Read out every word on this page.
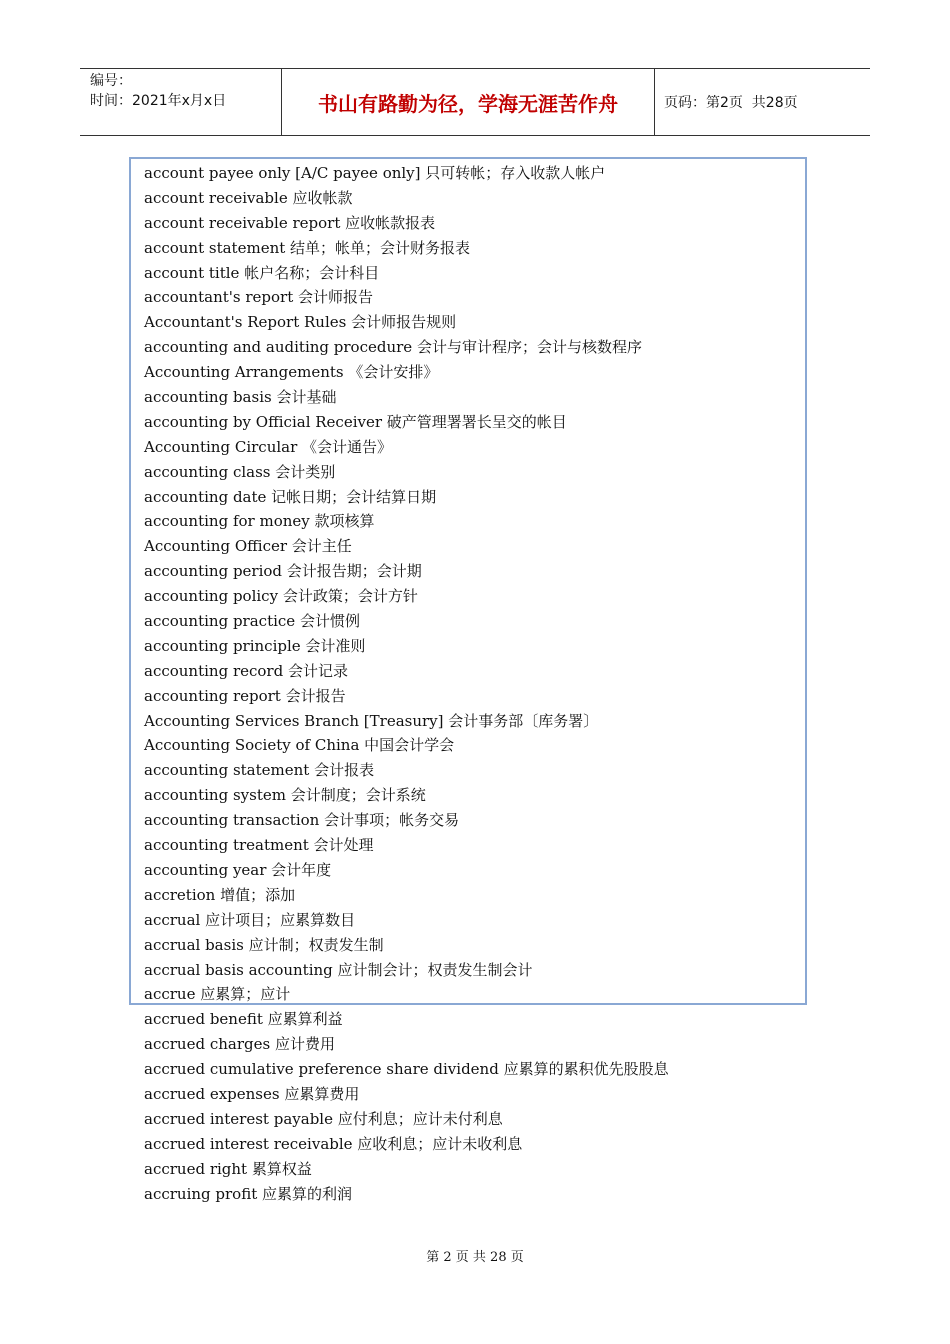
编号：
时间：2021年x月x日	书山有路勤为径，学海无涯苦作舟	页码：第2页  共28页
account payee only [A/C payee only] 只可转帐；存入收款人帐户
account receivable 应收帐款
account receivable report 应收帐款报表
account statement 结单；帐单；会计财务报表
account title 帐户名称；会计科目
accountant's report 会计师报告
Accountant's Report Rules 会计师报告规则
accounting and auditing procedure 会计与审计程序；会计与核数程序
Accounting Arrangements 《会计安排》
accounting basis 会计基础
accounting by Official Receiver 破产管理署署长呈交的帐目
Accounting Circular 《会计通告》
accounting class 会计类别
accounting date 记帐日期；会计结算日期
accounting for money 款项核算
Accounting Officer 会计主任
accounting period 会计报告期；会计期
accounting policy 会计政策；会计方针
accounting practice 会计惯例
accounting principle 会计准则
accounting record 会计记录
accounting report 会计报告
Accounting Services Branch [Treasury] 会计事务部〔库务署〕
Accounting Society of China 中国会计学会
accounting statement 会计报表
accounting system 会计制度；会计系统
accounting transaction 会计事项；帐务交易
accounting treatment 会计处理
accounting year 会计年度
accretion 增值；添加
accrual 应计项目；应累算数目
accrual basis 应计制；权责发生制
accrual basis accounting 应计制会计；权责发生制会计
accrue 应累算；应计
accrued benefit 应累算利益
accrued charges 应计费用
accrued cumulative preference share dividend 应累算的累积优先股股息
accrued expenses 应累算费用
accrued interest payable 应付利息；应计未付利息
accrued interest receivable 应收利息；应计未收利息
accrued right 累算权益
accruing profit 应累算的利润
第 2 页 共 28 页
